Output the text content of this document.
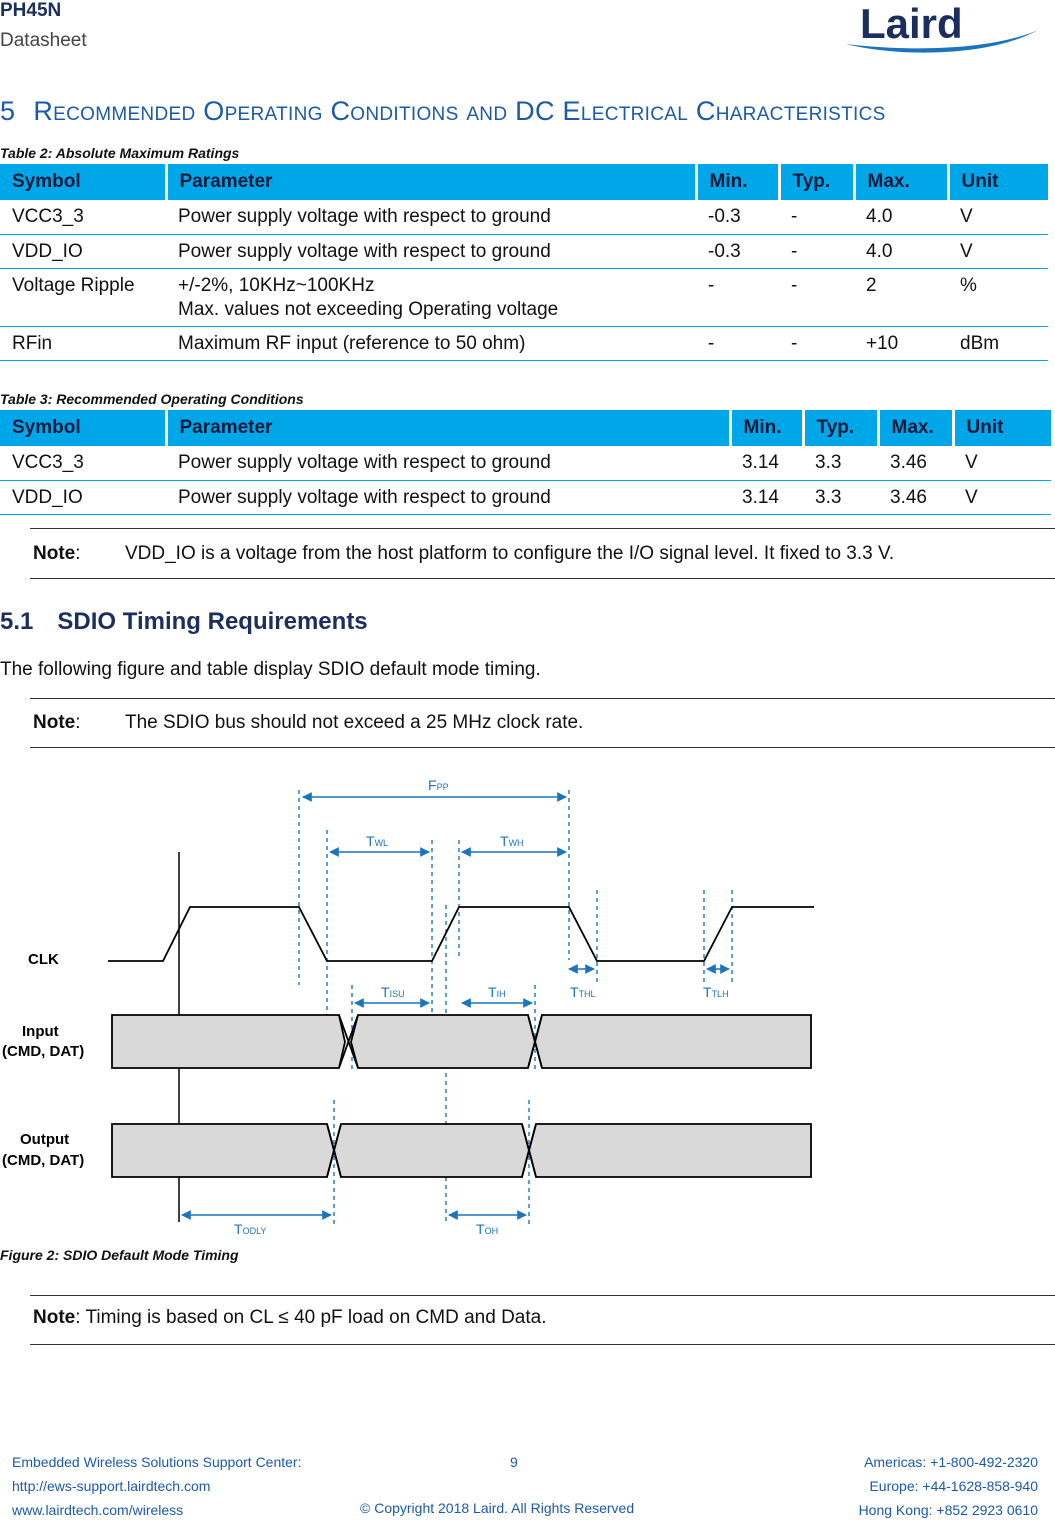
PH45N
Datasheet	Laird
5 Recommended Operating Conditions and DC Electrical Characteristics
Table 2: Absolute Maximum Ratings
Symbol	Parameter	Min.	Typ.	Max.	Unit
VCC3_3	Power supply voltage with respect to ground	-0.3	-	4.0	V
VDD_IO	Power supply voltage with respect to ground	-0.3	-	4.0	V
Voltage Ripple	+/-2%, 10KHz~100KHz
Max. values not exceeding Operating voltage	-	-	2	%
RFin	Maximum RF input (reference to 50 ohm)	-	-	+10	dBm
Table 3: Recommended Operating Conditions
Symbol	Parameter	Min.	Typ.	Max.	Unit
VCC3_3	Power supply voltage with respect to ground	3.14	3.3	3.46	V
VDD_IO	Power supply voltage with respect to ground	3.14	3.3	3.46	V
Note: VDD_IO is a voltage from the host platform to configure the I/O signal level. It fixed to 3.3 V.
5.1 SDIO Timing Requirements
The following figure and table display SDIO default mode timing.
Note: The SDIO bus should not exceed a 25 MHz clock rate.
FPP
TWL	TWH
TISU	TIH	TTHL	TTLH
TODLY	TOH
CLK
Input
(CMD, DAT)
Output
(CMD, DAT)
Figure 2: SDIO Default Mode Timing
Note: Timing is based on CL ≤ 40 pF load on CMD and Data.
Embedded Wireless Solutions Support Center:
http://ews-support.lairdtech.com
www.lairdtech.com/wireless
9
© Copyright 2018 Laird. All Rights Reserved
Americas: +1-800-492-2320
Europe: +44-1628-858-940
Hong Kong: +852 2923 0610
